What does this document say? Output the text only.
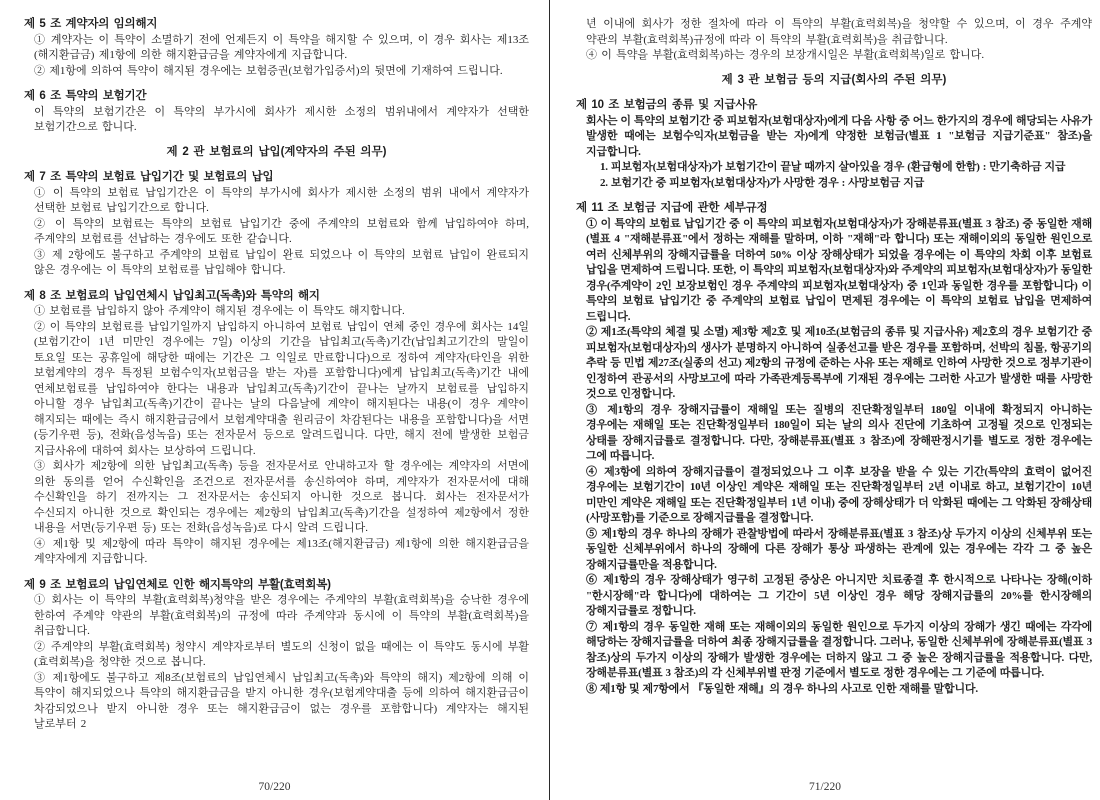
제 5 조 계약자의 임의해지
① 계약자는 이 특약이 소멸하기 전에 언제든지 이 특약을 해지할 수 있으며, 이 경우 회사는 제13조(해지환급금) 제1항에 의한 해지환급금을 계약자에게 지급합니다.
② 제1항에 의하여 특약이 해지된 경우에는 보험증권(보험가입증서)의 뒷면에 기재하여 드립니다.
제 6 조 특약의 보험기간
이 특약의 보험기간은 이 특약의 부가시에 회사가 제시한 소정의 범위내에서 계약자가 선택한 보험기간으로 합니다.
제 2 관 보험료의 납입(계약자의 주된 의무)
제 7 조 특약의 보험료 납입기간 및 보험료의 납입
① 이 특약의 보험료 납입기간은 이 특약의 부가시에 회사가 제시한 소정의 범위 내에서 계약자가 선택한 보험료 납입기간으로 합니다.
② 이 특약의 보험료는 특약의 보험료 납입기간 중에 주계약의 보험료와 함께 납입하여야 하며, 주계약의 보험료를 선납하는 경우에도 또한 같습니다.
③ 제 2항에도 불구하고 주계약의 보험료 납입이 완료 되었으나 이 특약의 보험료 납입이 완료되지 않은 경우에는 이 특약의 보험료를 납입해야 합니다.
제 8 조 보험료의 납입연체시 납입최고(독촉)와 특약의 해지
① 보험료를 납입하지 않아 주계약이 해지된 경우에는 이 특약도 해지합니다.
② 이 특약의 보험료를 납입기일까지 납입하지 아니하여 보험료 납입이 연체 중인 경우에 회사는 14일(보험기간이 1년 미만인 경우에는 7일) 이상의 기간을 납입최고(독촉)기간(납입최고기간의 말일이 토요일 또는 공휴일에 해당한 때에는 기간은 그 익일로 만료합니다)으로 정하여 계약자(타인을 위한 보험계약의 경우 특정된 보험수익자(보험금을 받는 자)를 포함합니다)에게 납입최고(독촉)기간 내에 연체보험료를 납입하여야 한다는 내용과 납입최고(독촉)기간이 끝나는 날까지 보험료를 납입하지 아니할 경우 납입최고(독촉)기간이 끝나는 날의 다음날에 계약이 해지된다는 내용(이 경우 계약이 해지되는 때에는 즉시 해지환급금에서 보험계약대출 원리금이 차감된다는 내용을 포함합니다)을 서면(등기우편 등), 전화(음성녹음) 또는 전자문서 등으로 알려드립니다. 다만, 해지 전에 발생한 보험금 지급사유에 대하여 회사는 보상하여 드립니다.
③ 회사가 제2항에 의한 납입최고(독촉) 등을 전자문서로 안내하고자 할 경우에는 계약자의 서면에 의한 동의를 얻어 수신확인을 조건으로 전자문서를 송신하여야 하며, 계약자가 전자문서에 대해 수신확인을 하기 전까지는 그 전자문서는 송신되지 아니한 것으로 봅니다. 회사는 전자문서가 수신되지 아니한 것으로 확인되는 경우에는 제2항의 납입최고(독촉)기간을 설정하여 제2항에서 정한 내용을 서면(등기우편 등) 또는 전화(음성녹음)로 다시 알려 드립니다.
④ 제1항 및 제2항에 따라 특약이 해지된 경우에는 제13조(해지환급금) 제1항에 의한 해지환급금을 계약자에게 지급합니다.
제 9 조 보험료의 납입연체로 인한 해지특약의 부활(효력회복)
① 회사는 이 특약의 부활(효력회복)청약을 받은 경우에는 주계약의 부활(효력회복)을 승낙한 경우에 한하여 주계약 약관의 부활(효력회복)의 규정에 따라 주계약과 동시에 이 특약의 부활(효력회복)을 취급합니다.
② 주계약의 부활(효력회복) 청약시 계약자로부터 별도의 신청이 없을 때에는 이 특약도 동시에 부활(효력회복)을 청약한 것으로 봅니다.
③ 제1항에도 불구하고 제8조(보험료의 납입연체시 납입최고(독촉)와 특약의 해지) 제2항에 의해 이 특약이 해지되었으나 특약의 해지환급금을 받지 아니한 경우(보험계약대출 등에 의하여 해지환급금이 차감되었으나 받지 아니한 경우 또는 해지환급금이 없는 경우를 포함합니다) 계약자는 해지된 날로부터 2
70/220
년 이내에 회사가 정한 절차에 따라 이 특약의 부활(효력회복)을 청약할 수 있으며, 이 경우 주계약 약관의 부활(효력회복)규정에 따라 이 특약의 부활(효력회복)을 취급합니다.
④ 이 특약을 부활(효력회복)하는 경우의 보장개시일은 부활(효력회복)일로 합니다.
제 3 관 보험금 등의 지급(회사의 주된 의무)
제 10 조 보험금의 종류 및 지급사유
회사는 이 특약의 보험기간 중 피보험자(보험대상자)에게 다음 사항 중 어느 한가지의 경우에 해당되는 사유가 발생한 때에는 보험수익자(보험금을 받는 자)에게 약정한 보험금(별표 1 "보험금 지급기준표" 참조)을 지급합니다.
1. 피보험자(보험대상자)가 보험기간이 끝날 때까지 살아있을 경우 (환급형에 한함) : 만기축하금 지급
2. 보험기간 중 피보험자(보험대상자)가 사망한 경우 : 사망보험금 지급
제 11 조 보험금 지급에 관한 세부규정
① 이 특약의 보험료 납입기간 중 이 특약의 피보험자(보험대상자)가 장해분류표(별표 3 참조) 중 동일한 재해(별표 4 "재해분류표"에서 정하는 재해를 말하며, 이하 "재해"라 합니다) 또는 재해이외의 동일한 원인으로 여러 신체부위의 장해지급률을 더하여 50% 이상 장해상태가 되었을 경우에는 이 특약의 차회 이후 보험료 납입을 면제하여 드립니다. 또한, 이 특약의 피보험자(보험대상자)와 주계약의 피보험자(보험대상자)가 동일한 경우(주계약이 2인 보장보험인 경우 주계약의 피보험자(보험대상자) 중 1인과 동일한 경우를 포함합니다) 이 특약의 보험료 납입기간 중 주계약의 보험료 납입이 면제된 경우에는 이 특약의 보험료 납입을 면제하여 드립니다.
② 제1조(특약의 체결 및 소멸) 제3항 제2호 및 제10조(보험금의 종류 및 지급사유) 제2호의 경우 보험기간 중 피보험자(보험대상자)의 생사가 분명하지 아니하여 실종선고를 받은 경우를 포함하며, 선박의 침몰, 항공기의 추락 등 민법 제27조(실종의 선고) 제2항의 규정에 준하는 사유 또는 재해로 인하여 사망한 것으로 정부기관이 인정하여 관공서의 사망보고에 따라 가족관계등록부에 기재된 경우에는 그러한 사고가 발생한 때를 사망한 것으로 인정합니다.
③ 제1항의 경우 장해지급률이 재해일 또는 질병의 진단확정일부터 180일 이내에 확정되지 아니하는 경우에는 재해일 또는 진단확정일부터 180일이 되는 날의 의사 진단에 기초하여 고정될 것으로 인정되는 상태를 장해지급률로 결정합니다. 다만, 장해분류표(별표 3 참조)에 장해판정시기를 별도로 정한 경우에는 그에 따릅니다.
④ 제3항에 의하여 장해지급률이 결정되었으나 그 이후 보장을 받을 수 있는 기간(특약의 효력이 없어진 경우에는 보험기간이 10년 이상인 계약은 재해일 또는 진단확정일부터 2년 이내로 하고, 보험기간이 10년 미만인 계약은 재해일 또는 진단확정일부터 1년 이내) 중에 장해상태가 더 악화된 때에는 그 악화된 장해상태(사망포함)를 기준으로 장해지급률을 결정합니다.
⑤ 제1항의 경우 하나의 장해가 관찰방법에 따라서 장해분류표(별표 3 참조)상 두가지 이상의 신체부위 또는 동일한 신체부위에서 하나의 장해에 다른 장해가 통상 파생하는 관계에 있는 경우에는 각각 그 중 높은 장해지급률만을 적용합니다.
⑥ 제1항의 경우 장해상태가 영구히 고정된 증상은 아니지만 치료종결 후 한시적으로 나타나는 장해(이하 "한시장해"라 합니다)에 대하여는 그 기간이 5년 이상인 경우 해당 장해지급률의 20%를 한시장해의 장해지급률로 정합니다.
⑦ 제1항의 경우 동일한 재해 또는 재해이외의 동일한 원인으로 두가지 이상의 장해가 생긴 때에는 각각에 해당하는 장해지급률을 더하여 최종 장해지급률을 결정합니다. 그러나, 동일한 신체부위에 장해분류표(별표 3 참조)상의 두가지 이상의 장해가 발생한 경우에는 더하지 않고 그 중 높은 장해지급률을 적용합니다. 다만, 장해분류표(별표 3 참조)의 각 신체부위별 판정 기준에서 별도로 정한 경우에는 그 기준에 따릅니다.
⑧ 제1항 및 제7항에서 『동일한 재해』의 경우 하나의 사고로 인한 재해를 말합니다.
71/220
